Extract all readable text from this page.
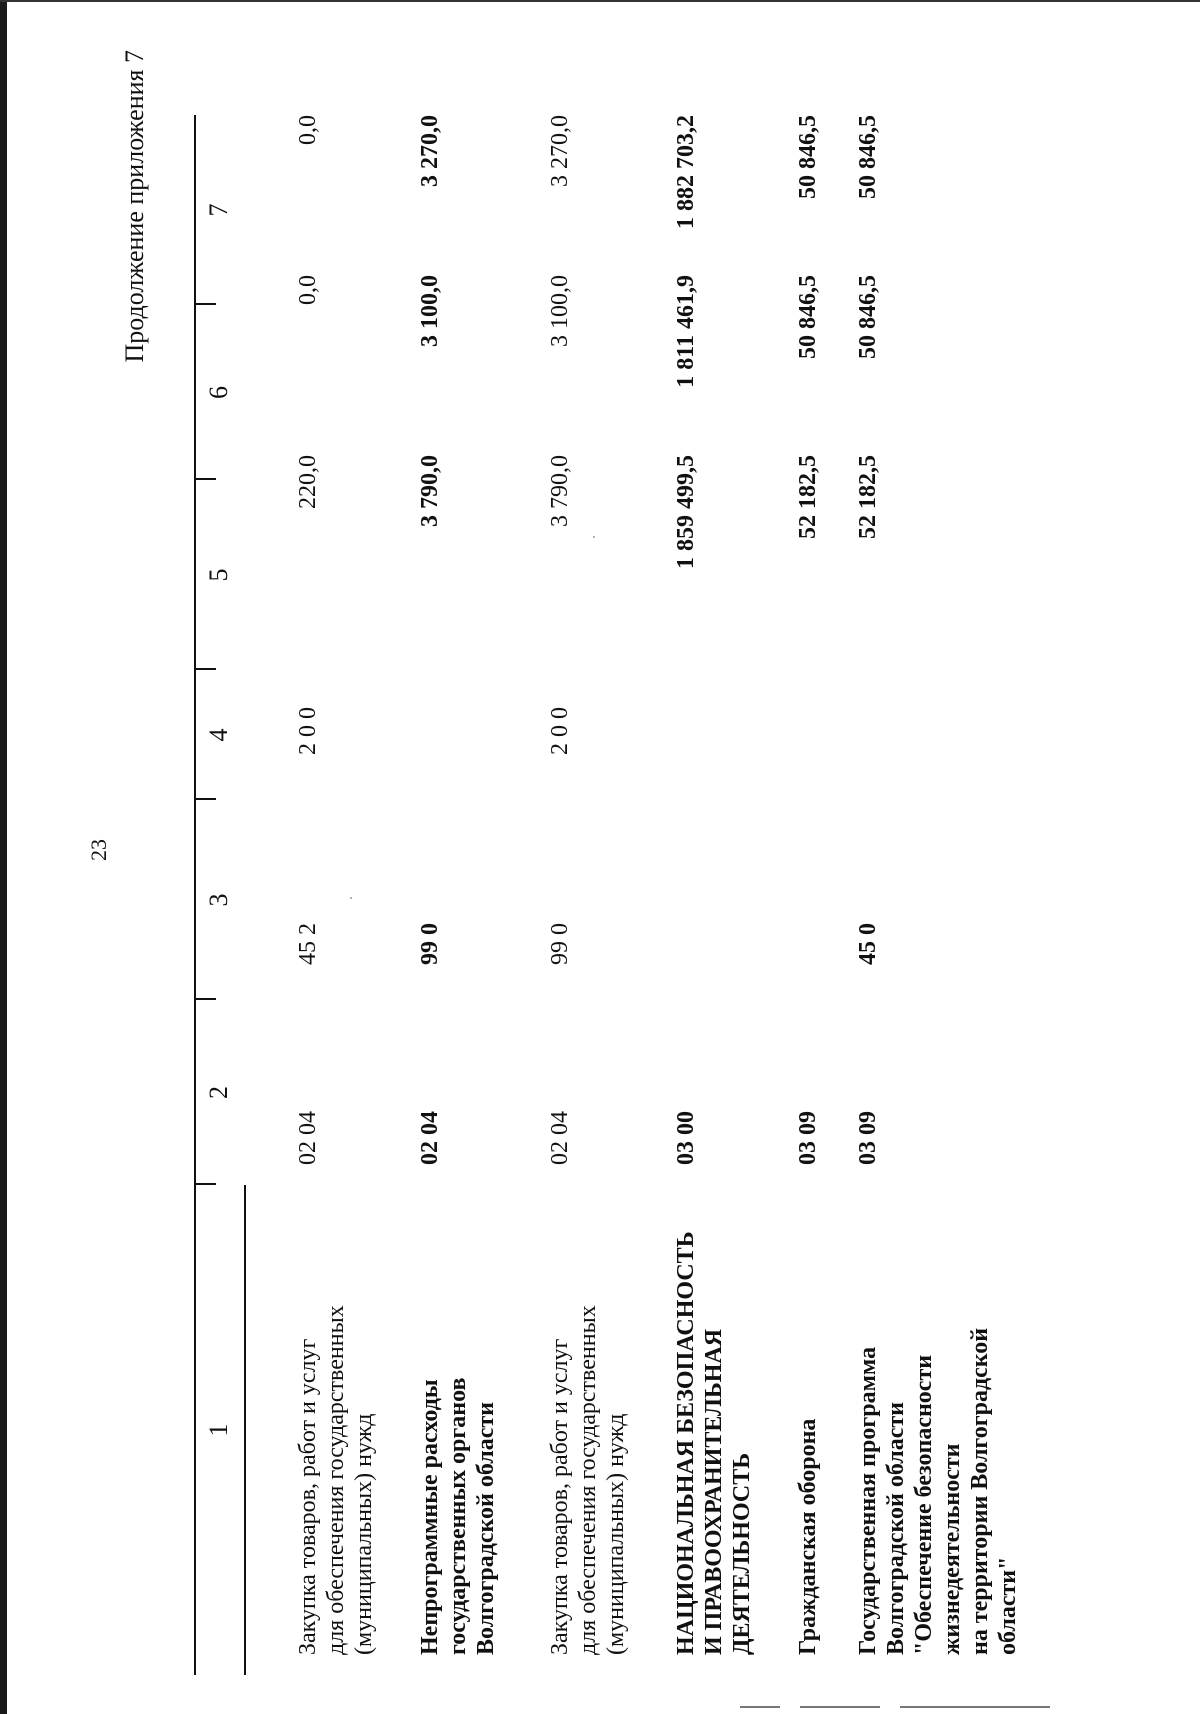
23
Продолжение приложения 7
1
2
3
4
5
6
7
Закупка товаров, работ и услуг для обеспечения государственных (муниципальных) нужд
02 04
45 2
2 0 0
220,0
0,0
0,0
Непрограммные расходы государственных органов Волгоградской области
02 04
99 0
3 790,0
3 100,0
3 270,0
Закупка товаров, работ и услуг для обеспечения государственных (муниципальных) нужд
02 04
99 0
2 0 0
3 790,0
3 100,0
3 270,0
НАЦИОНАЛЬНАЯ БЕЗОПАСНОСТЬ И ПРАВООХРАНИТЕЛЬНАЯ ДЕЯТЕЛЬНОСТЬ
03 00
1 859 499,5
1 811 461,9
1 882 703,2
Гражданская оборона
03 09
52 182,5
50 846,5
50 846,5
Государственная программа Волгоградской области "Обеспечение безопасности жизнедеятельности на территории Волгоградской области"
03 09
45 0
52 182,5
50 846,5
50 846,5
